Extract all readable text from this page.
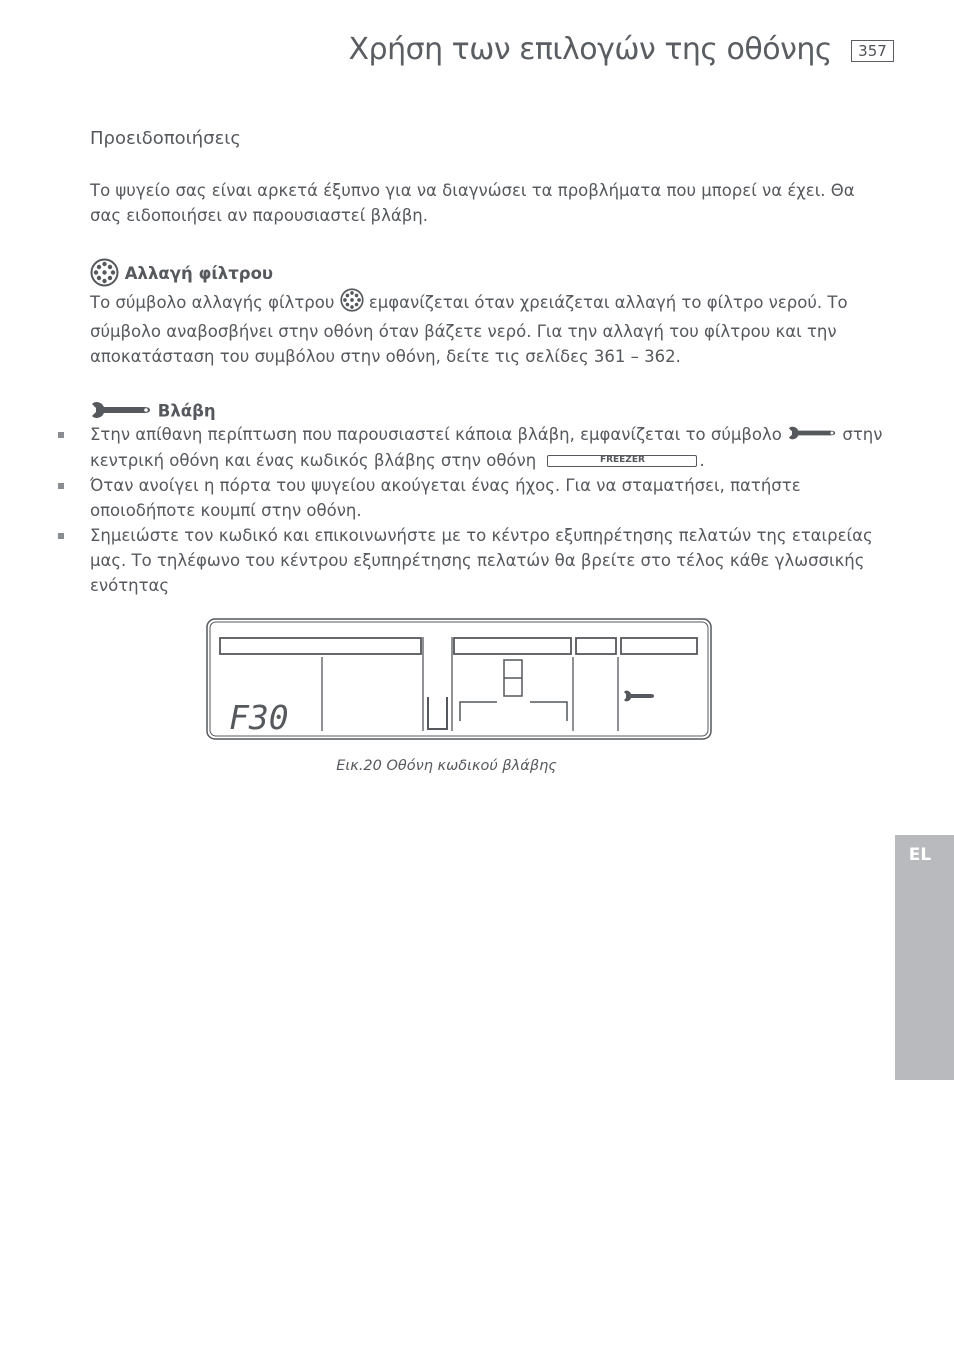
Χρήση των επιλογών της οθόνης	357
Προειδοποιήσεις
Το ψυγείο σας είναι αρκετά έξυπνο για να διαγνώσει τα προβλήματα που μπορεί να έχει. Θα σας ειδοποιήσει αν παρουσιαστεί βλάβη.
Αλλαγή φίλτρου
Το σύμβολο αλλαγής φίλτρου εμφανίζεται όταν χρειάζεται αλλαγή το φίλτρο νερού. Το σύμβολο αναβοσβήνει στην οθόνη όταν βάζετε νερό. Για την αλλαγή του φίλτρου και την αποκατάσταση του συμβόλου στην οθόνη, δείτε τις σελίδες 361 – 362.
Βλάβη
Στην απίθανη περίπτωση που παρουσιαστεί κάποια βλάβη, εμφανίζεται το σύμβολο	στην κεντρική οθόνη και ένας κωδικός βλάβης στην οθόνη	FREEZER	.
Όταν ανοίγει η πόρτα του ψυγείου ακούγεται ένας ήχος. Για να σταματήσει, πατήστε οποιοδήποτε κουμπί στην οθόνη.
Σημειώστε τον κωδικό και επικοινωνήστε με το κέντρο εξυπηρέτησης πελατών της εταιρείας μας. Το τηλέφωνο του κέντρου εξυπηρέτησης πελατών θα βρείτε στο τέλος κάθε γλωσσικής ενότητας
F30
Εικ.20 Οθόνη κωδικού βλάβης
EL
